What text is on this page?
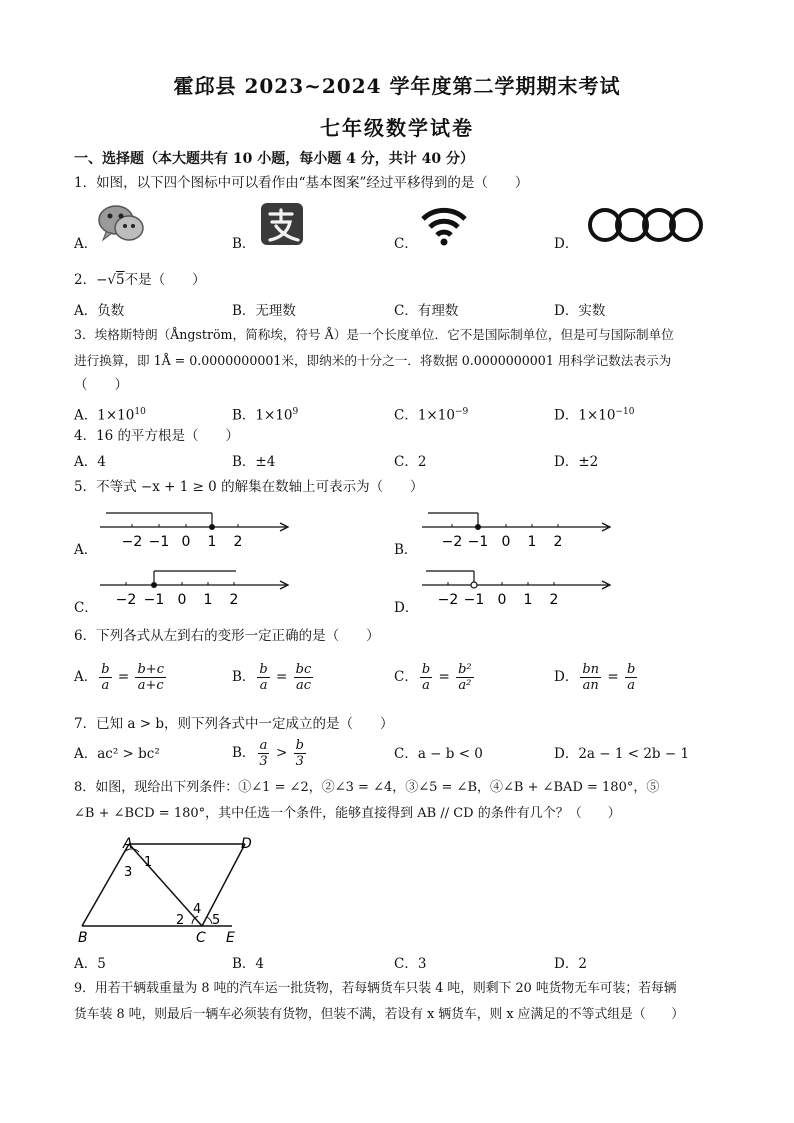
霍邱县 2023~2024 学年度第二学期期末考试
七年级数学试卷
一、选择题（本大题共有 10 小题，每小题 4 分，共计 40 分）
1．如图，以下四个图标中可以看作由“基本图案”经过平移得到的是（　　）
A．	B．	C．	D．
2．−√5不是（　　）
A．负数	B．无理数	C．有理数	D．实数
3．埃格斯特朗（Ångström，简称埃，符号 Å）是一个长度单位．它不是国际制单位，但是可与国际制单位
进行换算，即 1Å = 0.0000000001米，即纳米的十分之一．将数据 0.0000000001 用科学记数法表示为
（　　）
A．$1\times 10^{10}$	B．$1\times 10^9$	C．$1\times 10^{-9}$	D．$1\times 10^{-10}$
4．16 的平方根是（　　）
A．4	B．±4	C．2	D．±2
5．不等式 −x + 1 ≥ 0 的解集在数轴上可表示为（　　）
A．	B．
C．	D．
−2 −1 0 1 2	−2 −1 0 1 2
−2 −1 0 1 2	−2 −1 0 1 2
6．下列各式从左到右的变形一定正确的是（　　）
A． $\frac{b}{a} = \frac{b+c}{a+c}$	B． $\frac{b}{a} = \frac{bc}{ac}$	C． $\frac{b}{a} = \frac{\text{b²}}{\text{a²}}$	D． $\frac{bn}{an} = \frac{b}{a}$
7．已知 a > b，则下列各式中一定成立的是（　　）
A．ac² > bc²	B． $\frac{a}{3} > \frac{b}{3}$	C．a − b < 0	D．2a − 1 < 2b − 1
8．如图，现给出下列条件：①∠1 = ∠2，②∠3 = ∠4，③∠5 = ∠B，④∠B + ∠BAD = 180°，⑤
∠B + ∠BCD = 180°，其中任选一个条件，能够直接得到 AB // CD 的条件有几个？（　　）
A	D
B	C E
1
3
2
4
5
A．5	B．4	C．3	D．2
9．用若干辆载重量为 8 吨的汽车运一批货物，若每辆货车只装 4 吨，则剩下 20 吨货物无车可装；若每辆
货车装 8 吨，则最后一辆车必须装有货物，但装不满，若设有 x 辆货车，则 x 应满足的不等式组是（　　）
